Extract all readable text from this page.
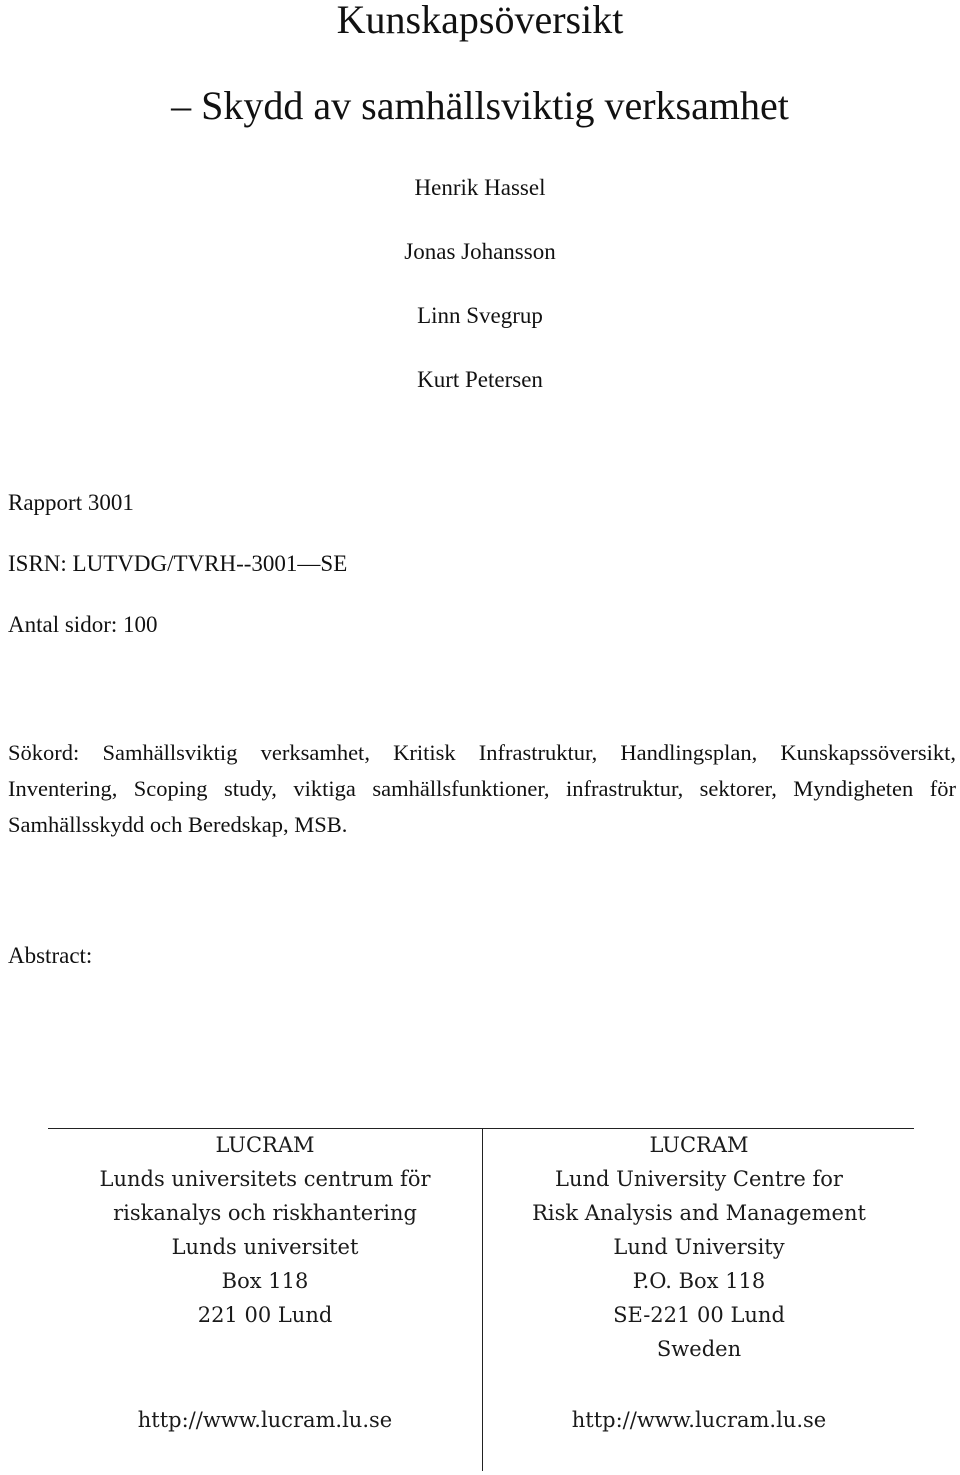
Kunskapsöversikt
– Skydd av samhällsviktig verksamhet
Henrik Hassel
Jonas Johansson
Linn Svegrup
Kurt Petersen
Rapport 3001
ISRN: LUTVDG/TVRH--3001—SE
Antal sidor: 100
Sökord: Samhällsviktig verksamhet, Kritisk Infrastruktur, Handlingsplan, Kunskapssöversikt, Inventering, Scoping study, viktiga samhällsfunktioner, infrastruktur, sektorer, Myndigheten för Samhällsskydd och Beredskap, MSB.
Abstract:
LUCRAM
Lunds universitets centrum för
riskanalys och riskhantering
Lunds universitet
Box 118
221 00 Lund
http://www.lucram.lu.se
LUCRAM
Lund University Centre for
Risk Analysis and Management
Lund University
P.O. Box 118
SE-221 00 Lund
Sweden
http://www.lucram.lu.se
